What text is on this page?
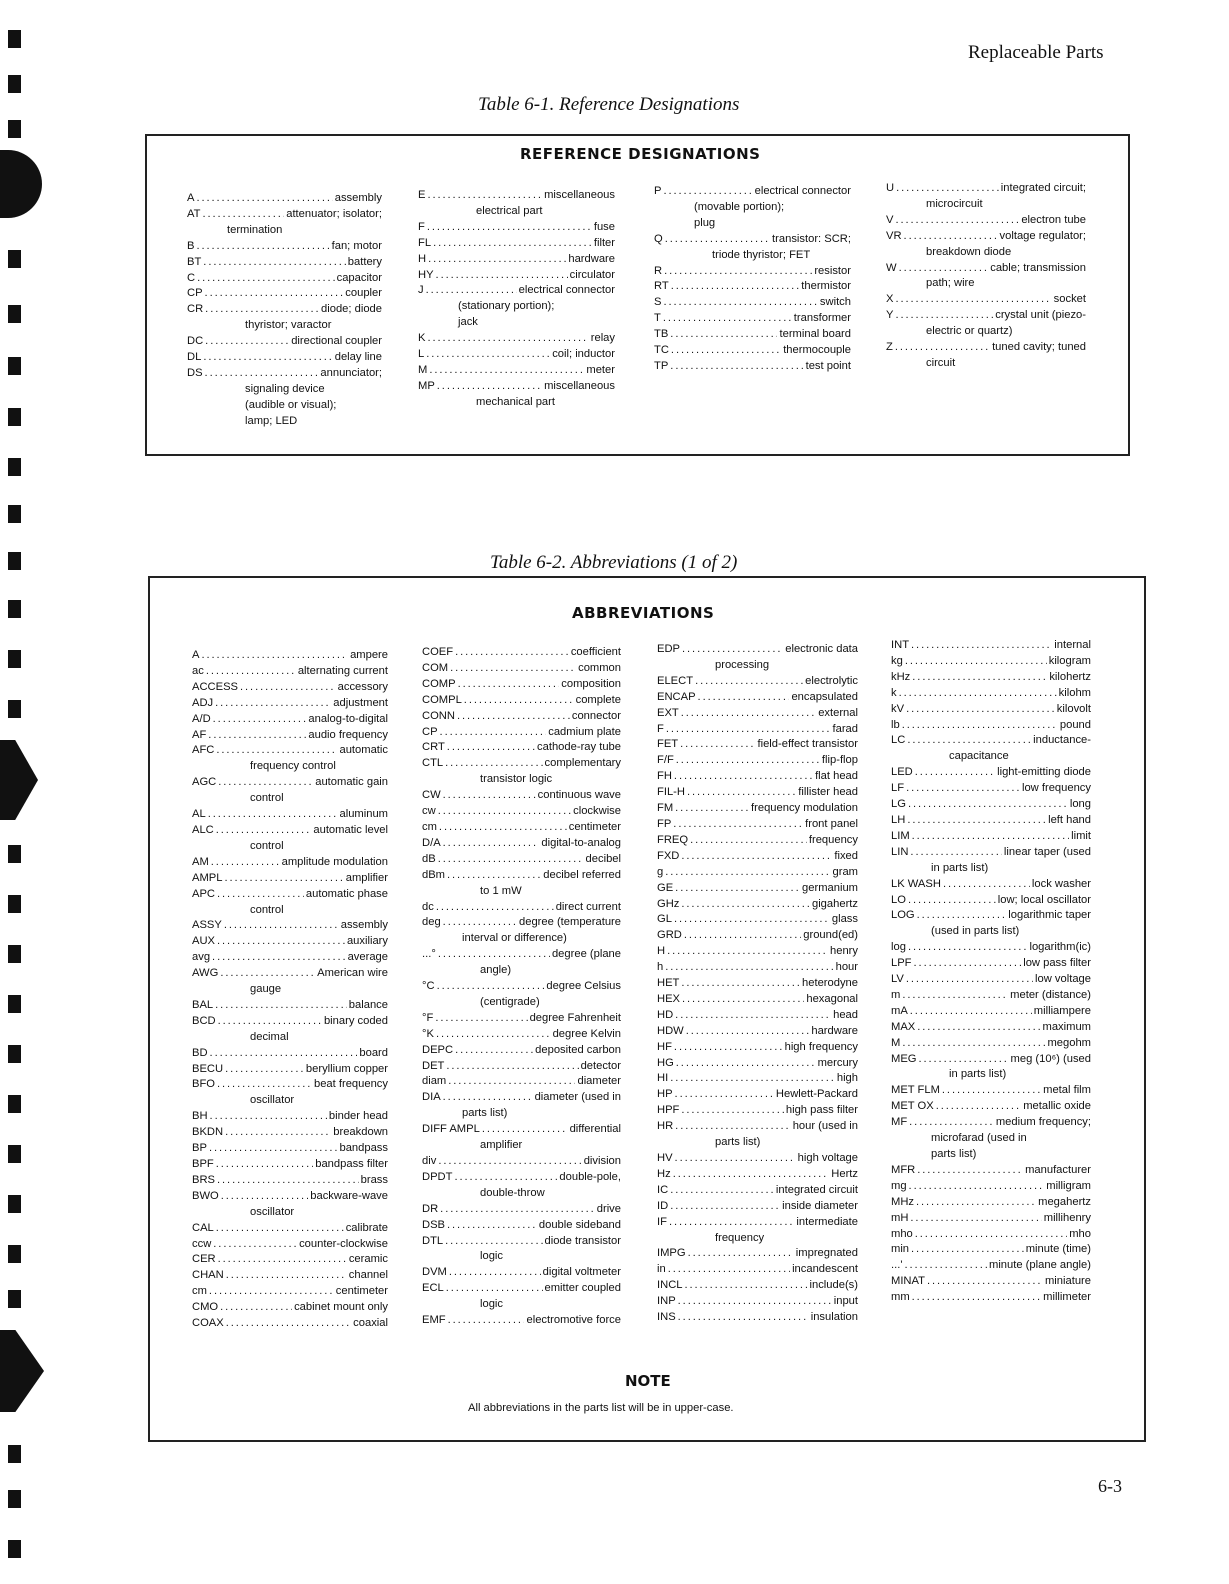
Replaceable Parts
Table 6-1. Reference Designations
REFERENCE DESIGNATIONS
A . . .	assembly
AT . . .	attenuator; isolator;
termination
B . . .	fan; motor
BT . . .	battery
C . . .	capacitor
CP . . .	coupler
CR . . .	diode; diode
thyristor; varactor
DC . . .	directional coupler
DL . . .	delay line
DS . . .	annunciator;
signaling device
(audible or visual);
lamp; LED
E . . .	miscellaneous
electrical part
F . . .	fuse
FL . . .	filter
H . . .	hardware
HY . . .	circulator
J . . .	electrical connector
(stationary portion);
jack
K . . .	relay
L . . .	coil; inductor
M . . .	meter
MP . . .	miscellaneous
mechanical part
P . . .	electrical connector
(movable portion);
plug
Q . . .	transistor: SCR;
triode thyristor; FET
R . . .	resistor
RT . . .	thermistor
S . . .	switch
T . . .	transformer
TB . . .	terminal board
TC . . .	thermocouple
TP . . .	test point
U . . .	integrated circuit;
microcircuit
V . . .	electron tube
VR . . .	voltage regulator;
breakdown diode
W . . .	cable; transmission
path; wire
X . . .	socket
Y . . .	crystal unit (piezo-
electric or quartz)
Z . . .	tuned cavity; tuned
circuit
Table 6-2. Abbreviations (1 of 2)
ABBREVIATIONS
A . . .	ampere
ac . . .	alternating current
ACCESS . . .	accessory
ADJ . . .	adjustment
A/D . . .	analog-to-digital
AF . . .	audio frequency
AFC . . .	automatic
frequency control
AGC . . .	automatic gain
control
AL . . .	aluminum
ALC . . .	automatic level
control
AM . . .	amplitude modulation
AMPL . . .	amplifier
APC . . .	automatic phase
control
ASSY . . .	assembly
AUX . . .	auxiliary
avg . . .	average
AWG . . .	American wire
gauge
BAL . . .	balance
BCD . . .	binary coded
decimal
BD . . .	board
BECU . . .	beryllium copper
BFO . . .	beat frequency
oscillator
BH . . .	binder head
BKDN . . .	breakdown
BP . . .	bandpass
BPF . . .	bandpass filter
BRS . . .	brass
BWO . . .	backware-wave
oscillator
CAL . . .	calibrate
ccw . . .	counter-clockwise
CER . . .	ceramic
CHAN . . .	channel
cm . . .	centimeter
CMO . . .	cabinet mount only
COAX . . .	coaxial
COEF . . .	coefficient
COM . . .	common
COMP . . .	composition
COMPL . . .	complete
CONN . . .	connector
CP . . .	cadmium plate
CRT . . .	cathode-ray tube
CTL . . .	complementary
transistor logic
CW . . .	continuous wave
cw . . .	clockwise
cm . . .	centimeter
D/A . . .	digital-to-analog
dB . . .	decibel
dBm . . .	decibel referred
to 1 mW
dc . . .	direct current
deg . . .	degree (temperature
interval or difference)
...° . . .	degree (plane
angle)
°C . . .	degree Celsius
(centigrade)
°F . . .	degree Fahrenheit
°K . . .	degree Kelvin
DEPC . . .	deposited carbon
DET . . .	detector
diam . . .	diameter
DIA . . .	diameter (used in
parts list)
DIFF AMPL . . .	differential
amplifier
div . . .	division
DPDT . . .	double-pole,
double-throw
DR . . .	drive
DSB . . .	double sideband
DTL . . .	diode transistor
logic
DVM . . .	digital voltmeter
ECL . . .	emitter coupled
logic
EMF . . .	electromotive force
EDP . . .	electronic data
processing
ELECT . . .	electrolytic
ENCAP . . .	encapsulated
EXT . . .	external
F . . .	farad
FET . . .	field-effect transistor
F/F . . .	flip-flop
FH . . .	flat head
FIL-H . . .	fillister head
FM . . .	frequency modulation
FP . . .	front panel
FREQ . . .	frequency
FXD . . .	fixed
g . . .	gram
GE . . .	germanium
GHz . . .	gigahertz
GL . . .	glass
GRD . . .	ground(ed)
H . . .	henry
h . . .	hour
HET . . .	heterodyne
HEX . . .	hexagonal
HD . . .	head
HDW . . .	hardware
HF . . .	high frequency
HG . . .	mercury
HI . . .	high
HP . . .	Hewlett-Packard
HPF . . .	high pass filter
HR . . .	hour (used in
parts list)
HV . . .	high voltage
Hz . . .	Hertz
IC . . .	integrated circuit
ID . . .	inside diameter
IF . . .	intermediate
frequency
IMPG . . .	impregnated
in . . .	incandescent
INCL . . .	include(s)
INP . . .	input
INS . . .	insulation
INT . . .	internal
kg . . .	kilogram
kHz . . .	kilohertz
k . . .	kilohm
kV . . .	kilovolt
lb . . .	pound
LC . . .	inductance-
capacitance
LED . . .	light-emitting diode
LF . . .	low frequency
LG . . .	long
LH . . .	left hand
LIM . . .	limit
LIN . . .	linear taper (used
in parts list)
LK WASH . . .	lock washer
LO . . .	low; local oscillator
LOG . . .	logarithmic taper
(used in parts list)
log . . .	logarithm(ic)
LPF . . .	low pass filter
LV . . .	low voltage
m . . .	meter (distance)
mA . . .	milliampere
MAX . . .	maximum
M . . .	megohm
MEG . . .	meg (10⁶) (used
in parts list)
MET FLM . . .	metal film
MET OX . . .	metallic oxide
MF . . .	medium frequency;
microfarad (used in
parts list)
MFR . . .	manufacturer
mg . . .	milligram
MHz . . .	megahertz
mH . . .	millihenry
mho . . .	mho
min . . .	minute (time)
...' . . .	minute (plane angle)
MINAT . . .	miniature
mm . . .	millimeter
NOTE
All abbreviations in the parts list will be in upper-case.
6-3
